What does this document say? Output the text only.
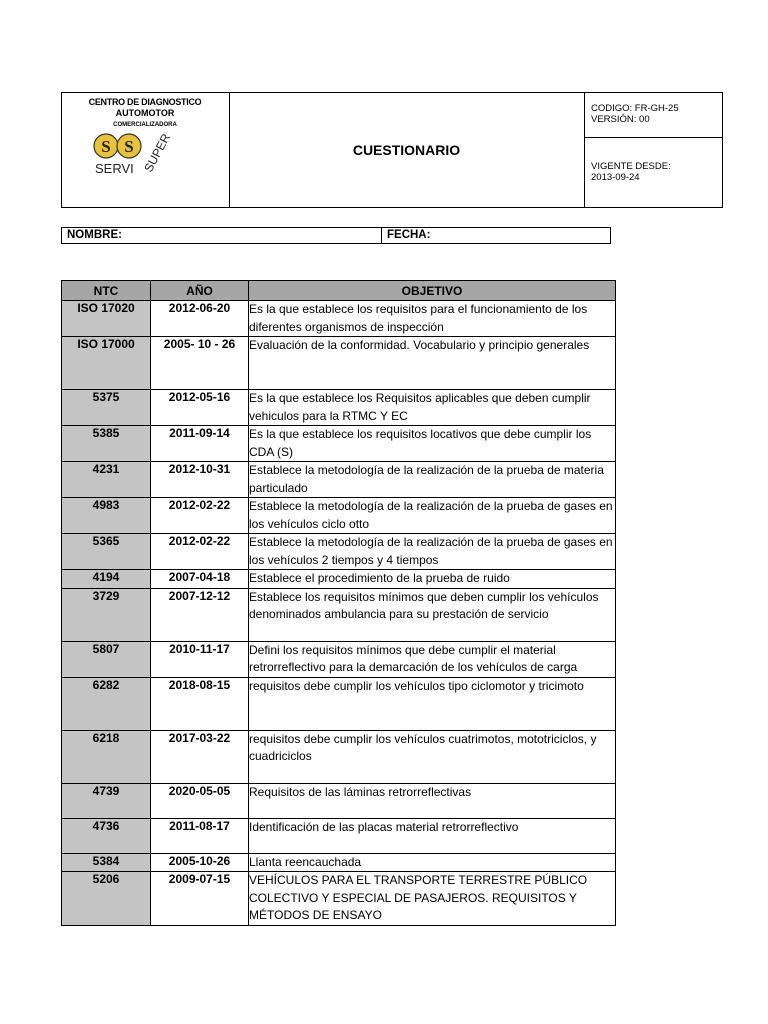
CENTRO DE DIAGNOSTICO
AUTOMOTOR
COMERCIALIZADORA
S S
SERVI SUPER	CUESTIONARIO
CODIGO: FR-GH-25
VERSIÓN: 00
VIGENTE DESDE:
2013-09-24
NOMBRE:	FECHA:
NTC	AÑO	OBJETIVO
ISO 17020	2012-06-20	Es la que establece los requisitos para el funcionamiento de los diferentes organismos de inspección
ISO 17000	2005- 10 - 26	Evaluación de la conformidad. Vocabulario y principio generales
5375	2012-05-16	Es la que establece los Requisitos aplicables que deben cumplir vehiculos para la RTMC Y EC
5385	2011-09-14	Es la que establece los requisitos locativos que debe cumplir los CDA (S)
4231	2012-10-31	Establece la metodología de la realización de la prueba de materia particulado
4983	2012-02-22	Establece la metodología de la realización de la prueba de gases en los vehículos ciclo otto
5365	2012-02-22	Establece la metodología de la realización de la prueba de gases en los vehículos 2 tiempos y 4 tiempos
4194	2007-04-18	Establece el procedimiento de la prueba de ruido
3729	2007-12-12	Establece los requisitos mínimos que deben cumplir los vehículos denominados ambulancia para su prestación de servicio
5807	2010-11-17	Defini los requisitos mínimos que debe cumplir el material retrorreflectivo para la demarcación de los vehículos de carga
6282	2018-08-15	requisitos debe cumplir los vehículos tipo ciclomotor y tricimoto
6218	2017-03-22	requisitos debe cumplir los vehículos cuatrimotos, mototriciclos, y cuadriciclos
4739	2020-05-05	Requisitos de las láminas retrorreflectivas
4736	2011-08-17	Identificación de las placas material retrorreflectivo
5384	2005-10-26	Llanta reencauchada
5206	2009-07-15	VEHÍCULOS PARA EL TRANSPORTE TERRESTRE PÚBLICO COLECTIVO Y ESPECIAL DE PASAJEROS. REQUISITOS Y MÉTODOS DE ENSAYO
